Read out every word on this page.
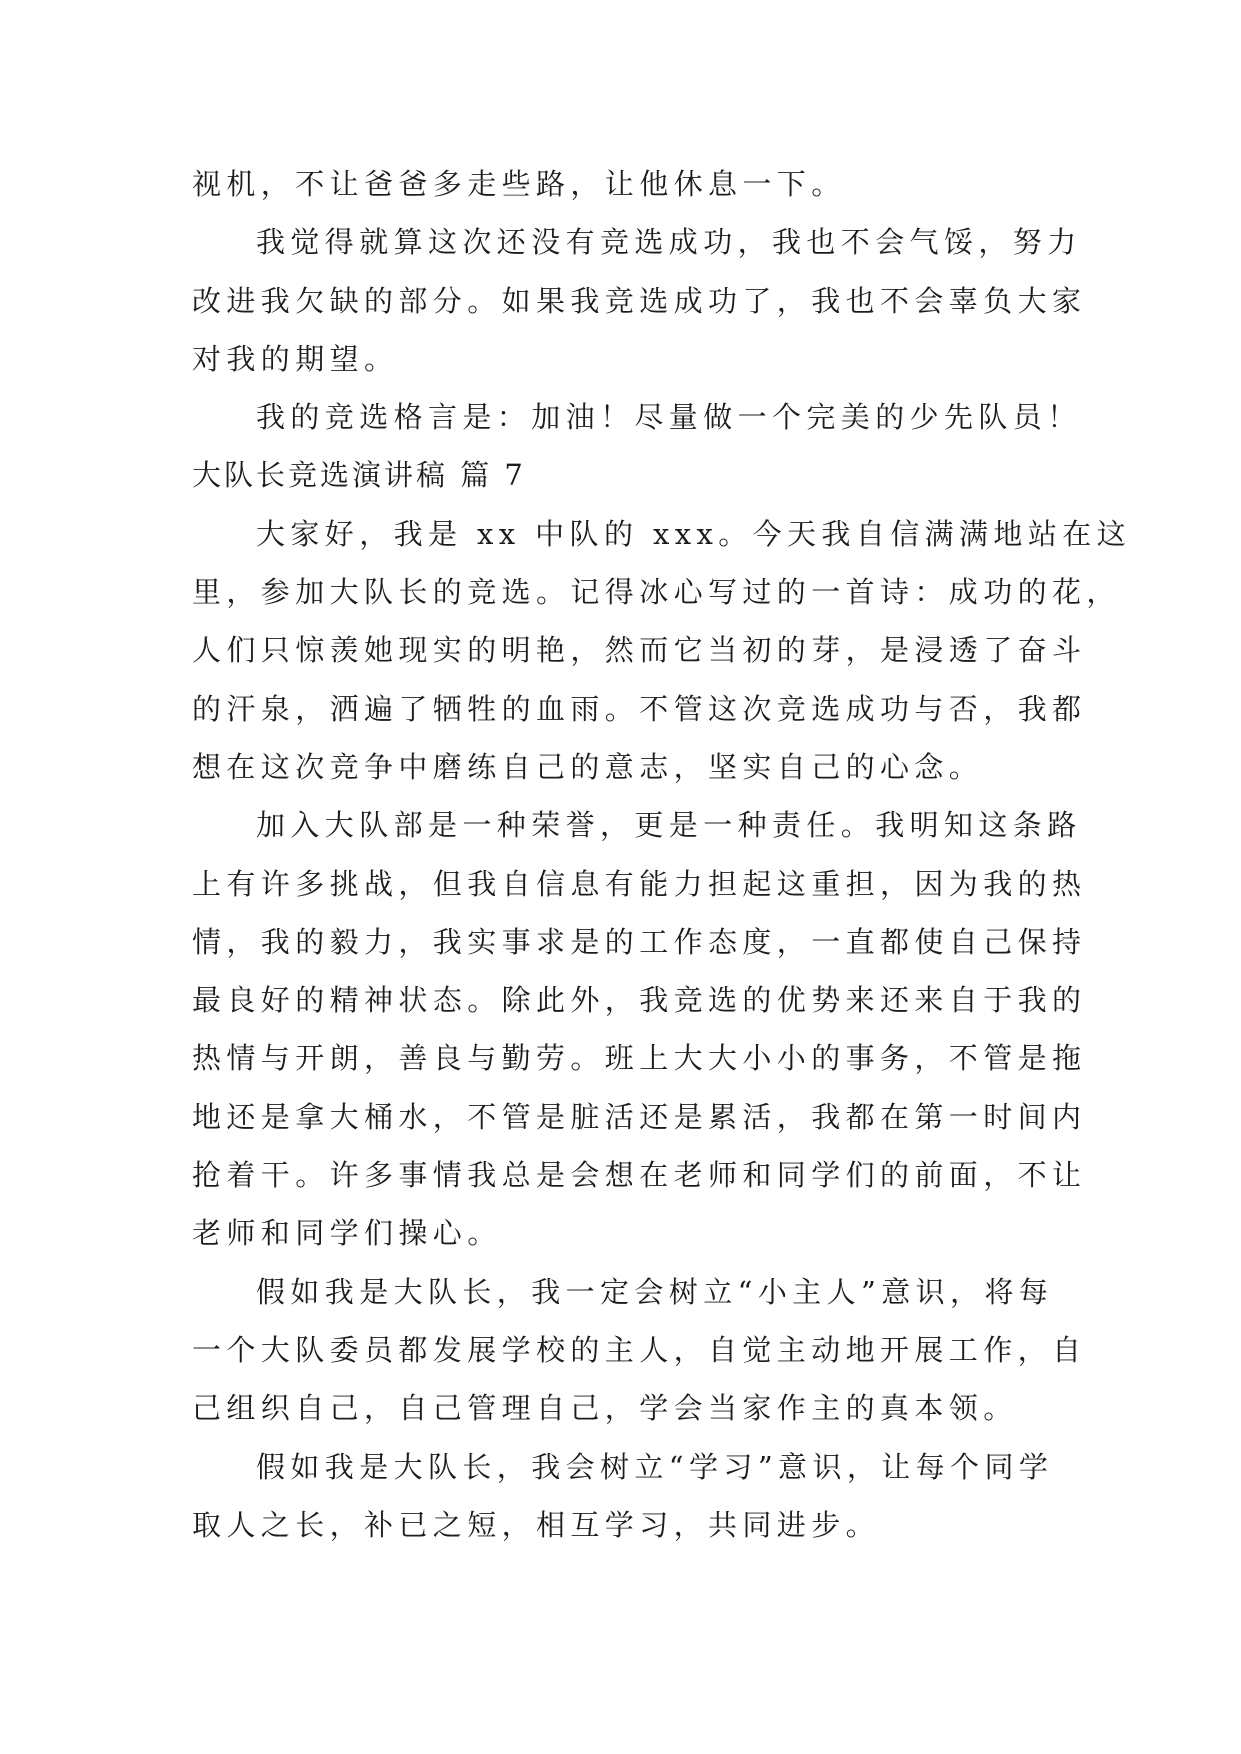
视机，不让爸爸多走些路，让他休息一下。

我觉得就算这次还没有竞选成功，我也不会气馁，努力
改进我欠缺的部分。如果我竞选成功了，我也不会辜负大家
对我的期望。

我的竞选格言是：加油！尽量做一个完美的少先队员！

大队长竞选演讲稿 篇 7

大家好，我是 xx 中队的 xxx。今天我自信满满地站在这
里，参加大队长的竞选。记得冰心写过的一首诗：成功的花，
人们只惊羡她现实的明艳，然而它当初的芽，是浸透了奋斗
的汗泉，洒遍了牺牲的血雨。不管这次竞选成功与否，我都
想在这次竞争中磨练自己的意志，坚实自己的心念。

加入大队部是一种荣誉，更是一种责任。我明知这条路
上有许多挑战，但我自信息有能力担起这重担，因为我的热
情，我的毅力，我实事求是的工作态度，一直都使自己保持
最良好的精神状态。除此外，我竞选的优势来还来自于我的
热情与开朗，善良与勤劳。班上大大小小的事务，不管是拖
地还是拿大桶水，不管是脏活还是累活，我都在第一时间内
抢着干。许多事情我总是会想在老师和同学们的前面，不让
老师和同学们操心。

假如我是大队长，我一定会树立“小主人”意识，将每
一个大队委员都发展学校的主人，自觉主动地开展工作，自
己组织自己，自己管理自己，学会当家作主的真本领。

假如我是大队长，我会树立“学习”意识，让每个同学
取人之长，补已之短，相互学习，共同进步。
